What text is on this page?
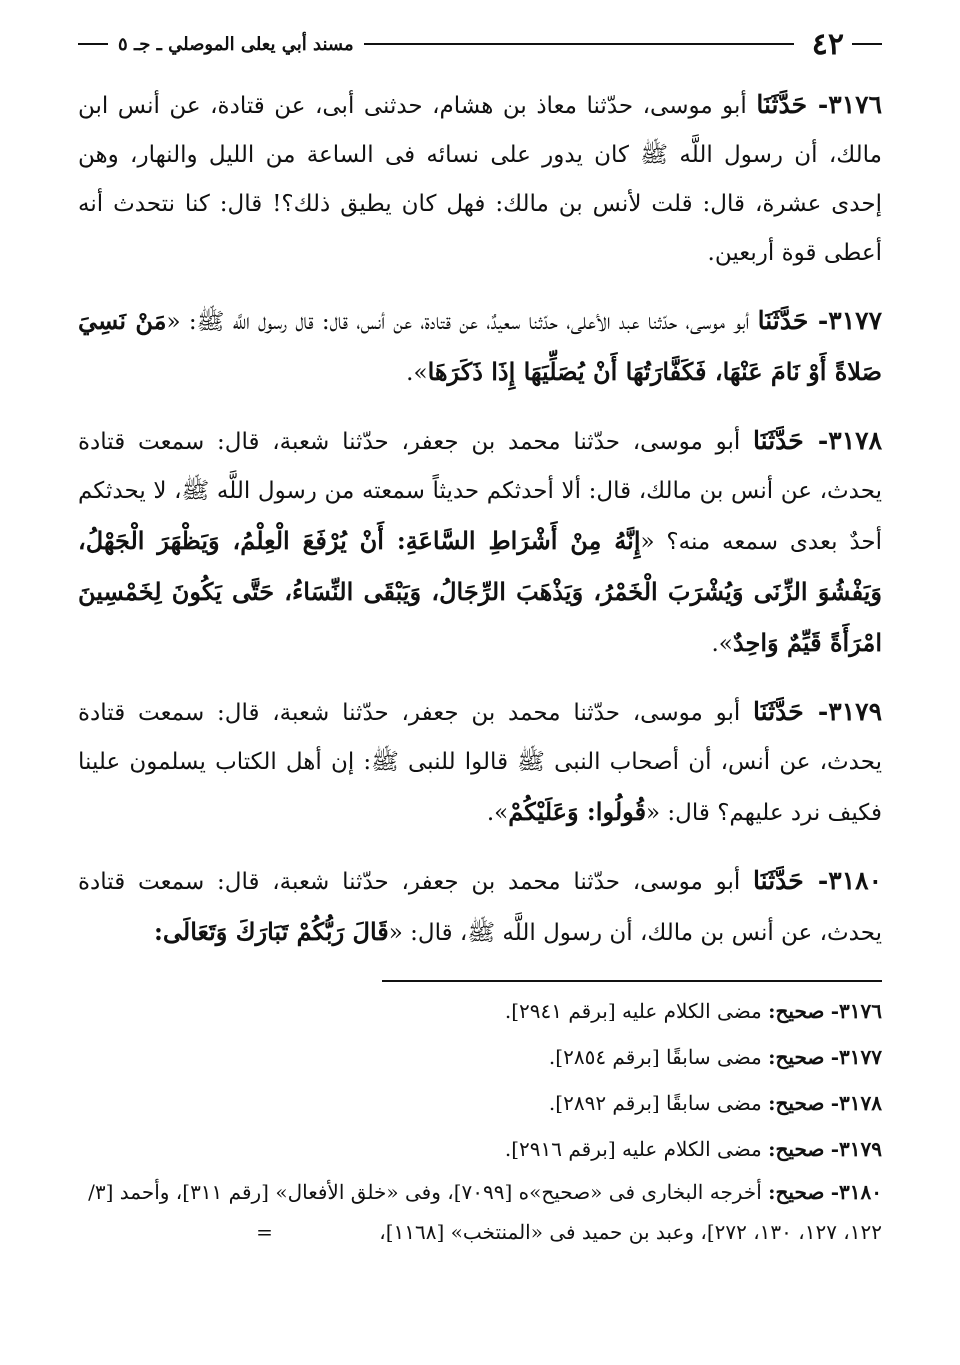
٤٢
مسند أبي يعلى الموصلي ـ جـ ٥

٣١٧٦- حَدَّثَنَا أبو موسى، حدّثنا معاذ بن هشام، حدثنى أبى، عن قتادة، عن أنس ابن مالك، أن رسول اللَّه ﷺ كان يدور على نسائه فى الساعة من الليل والنهار، وهن إحدى عشرة، قال: قلت لأنس بن مالك: فهل كان يطيق ذلك؟! قال: كنا نتحدث أنه أعطى قوة أربعين.

٣١٧٧- حَدَّثَنَا أبو موسى، حدّثنا عبد الأعلى، حدّثنا سعيدٌ، عن قتادة، عن أنس، قال: قال رسول اللَّه ﷺ: «مَنْ نَسِيَ صَلاةً أَوْ نَامَ عَنْهَا، فَكَفَّارَتُهَا أَنْ يُصَلِّيَهَا إِذَا ذَكَرَهَا».

٣١٧٨- حَدَّثَنَا أبو موسى، حدّثنا محمد بن جعفر، حدّثنا شعبة، قال: سمعت قتادة يحدث، عن أنس بن مالك، قال: ألا أحدثكم حديثاً سمعته من رسول اللَّه ﷺ، لا يحدثكم أحدٌ بعدى سمعه منه؟ «إِنَّهُ مِنْ أَشْرَاطِ السَّاعَةِ: أَنْ يُرْفَعَ الْعِلْمُ، وَيَظْهَرَ الْجَهْلُ، وَيَفْشُوَ الزِّنَى وَيُشْرَبَ الْخَمْرُ، وَيَذْهَبَ الرِّجَالُ، وَيَبْقَى النِّسَاءُ، حَتَّى يَكُونَ لِخَمْسِينَ امْرَأَةً قَيِّمٌ وَاحِدٌ».

٣١٧٩- حَدَّثَنَا أبو موسى، حدّثنا محمد بن جعفر، حدّثنا شعبة، قال: سمعت قتادة يحدث، عن أنس، أن أصحاب النبى ﷺ قالوا للنبى ﷺ: إن أهل الكتاب يسلمون علينا فكيف نرد عليهم؟ قال: «قُولُوا: وَعَلَيْكُمْ».

٣١٨٠- حَدَّثَنَا أبو موسى، حدّثنا محمد بن جعفر، حدّثنا شعبة، قال: سمعت قتادة يحدث، عن أنس بن مالك، أن رسول اللَّه ﷺ، قال: «قَالَ رَبُّكُمْ تَبَارَكَ وَتَعَالَى:

٣١٧٦- صحيح: مضى الكلام عليه [برقم ٢٩٤١].

٣١٧٧- صحيح: مضى سابقًا [برقم ٢٨٥٤].

٣١٧٨- صحيح: مضى سابقًا [برقم ٢٨٩٢].

٣١٧٩- صحيح: مضى الكلام عليه [برقم ٢٩١٦].

٣١٨٠- صحيح: أخرجه البخارى فى «صحيح»ه [٧٠٩٩]، وفى «خلق الأفعال» [رقم ٣١١]، وأحمد [٣/ ١٢٢، ١٢٧، ١٣٠، ٢٧٢]، وعبد بن حميد فى «المنتخب» [١١٦٨]، =
